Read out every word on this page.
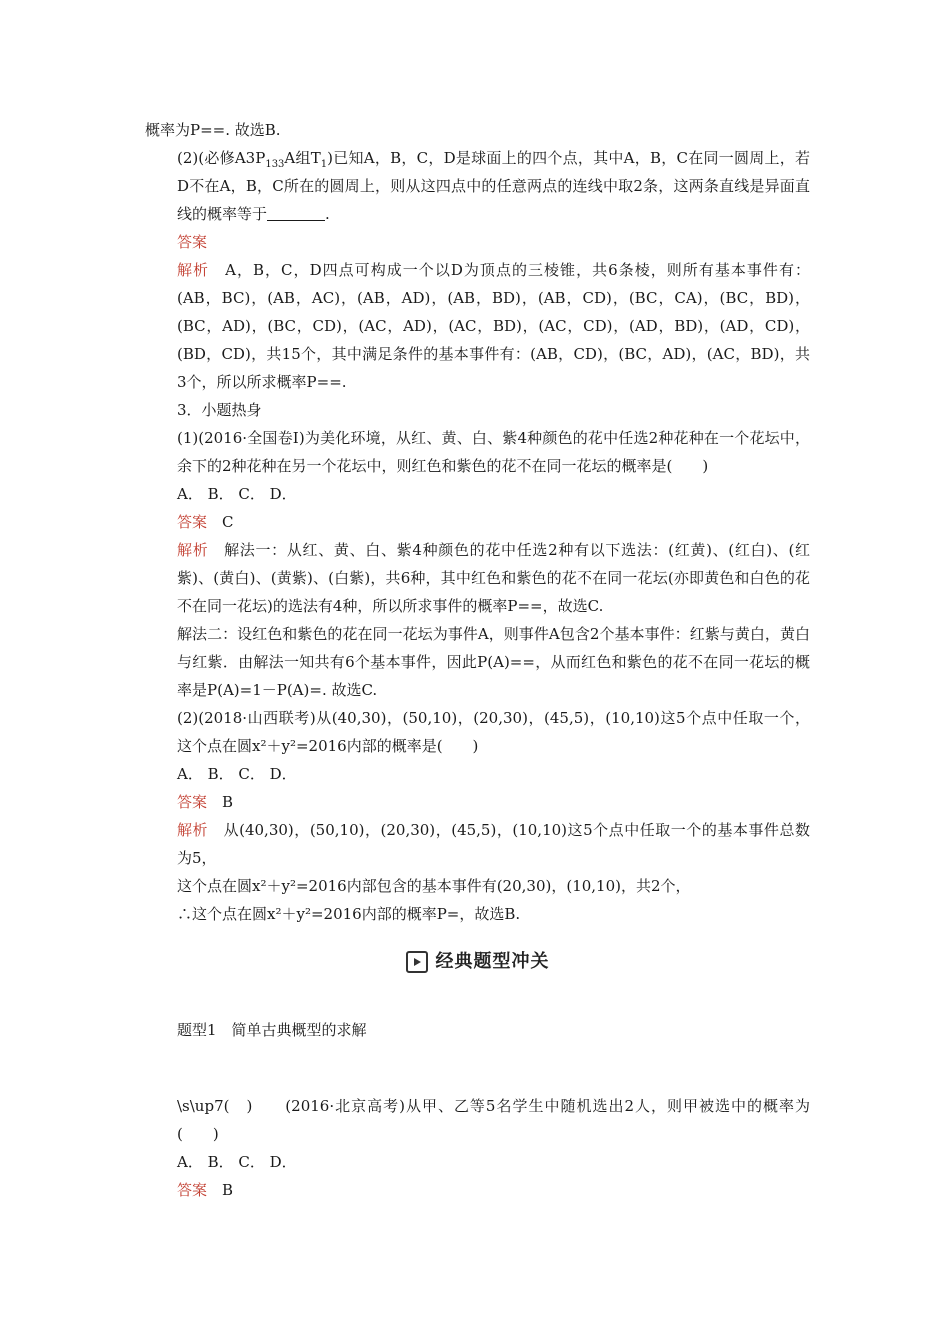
概率为P==. 故选B.

(2)(必修$A3P_{133}A$组$T_1$)已知A，B，C，D是球面上的四个点，其中A，B，C在同一圆周上，若D不在A，B，C所在的圆周上，则从这四点中的任意两点的连线中取2条，这两条直线是异面直线的概率等于	.

答案

解析　 A，B，C，D四点可构成一个以D为顶点的三棱锥，共6条棱，则所有基本事件有：(AB，BC)，(AB，AC)，(AB，AD)，(AB，BD)，(AB，CD)，(BC，CA)，(BC，BD)，(BC，AD)，(BC，CD)，(AC，AD)，(AC，BD)，(AC，CD)，(AD，BD)，(AD，CD)，(BD，CD)，共15个，其中满足条件的基本事件有：(AB，CD)，(BC，AD)，(AC，BD)，共3个，所以所求概率P==.

3．小题热身

(1)(2016·全国卷Ⅰ)为美化环境，从红、黄、白、紫4种颜色的花中任选2种花种在一个花坛中，余下的2种花种在另一个花坛中，则红色和紫色的花不在同一花坛的概率是(　　)

A． B． C． D．

答案　 C

解析　 解法一：从红、黄、白、紫4种颜色的花中任选2种有以下选法：(红黄)、(红白)、(红紫)、(黄白)、(黄紫)、(白紫)，共6种，其中红色和紫色的花不在同一花坛(亦即黄色和白色的花不在同一花坛)的选法有4种，所以所求事件的概率P==，故选C.

解法二：设红色和紫色的花在同一花坛为事件A，则事件A包含2个基本事件：红紫与黄白，黄白与红紫．由解法一知共有6个基本事件，因此P(A)==，从而红色和紫色的花不在同一花坛的概率是P(A)=1－P(A)=. 故选C.

(2)(2018·山西联考)从(40,30)，(50,10)，(20,30)，(45,5)，(10,10)这5个点中任取一个，这个点在圆x²＋y²=2016内部的概率是(　　)

A． B． C． D．

答案　 B

解析　 从(40,30)，(50,10)，(20,30)，(45,5)，(10,10)这5个点中任取一个的基本事件总数为5，

这个点在圆x²＋y²=2016内部包含的基本事件有(20,30)，(10,10)，共2个，

∴这个点在圆x²＋y²=2016内部的概率P=，故选B.

经典题型冲关

题型1　简单古典概型的求解

\s\up7(　)　　(2016·北京高考)从甲、乙等5名学生中随机选出2人，则甲被选中的概率为(　　)

A． B． C． D．

答案　 B
